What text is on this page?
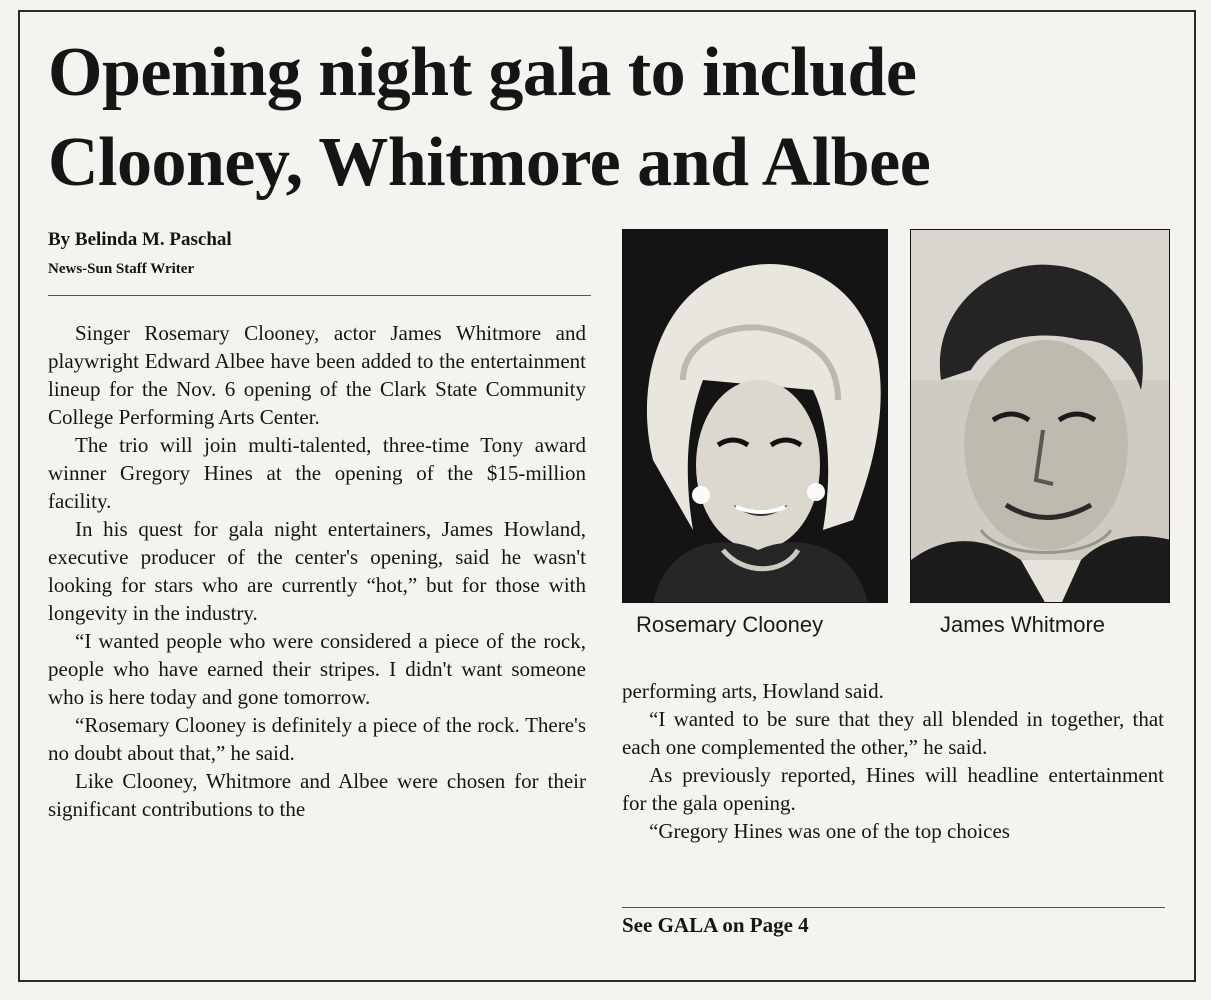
Opening night gala to include
Clooney, Whitmore and Albee
By Belinda M. Paschal
News-Sun Staff Writer

Singer Rosemary Clooney, actor James Whitmore and playwright Edward Albee have been added to the entertainment lineup for the Nov. 6 opening of the Clark State Community College Performing Arts Center.

The trio will join multi-talented, three-time Tony award winner Gregory Hines at the opening of the $15-million facility.

In his quest for gala night entertainers, James Howland, executive producer of the center's opening, said he wasn't looking for stars who are currently “hot,” but for those with longevity in the industry.

“I wanted people who were considered a piece of the rock, people who have earned their stripes. I didn't want someone who is here today and gone tomorrow.

“Rosemary Clooney is definitely a piece of the rock. There's no doubt about that,” he said.

Like Clooney, Whitmore and Albee were chosen for their significant contributions to the

Rosemary Clooney	James Whitmore

performing arts, Howland said.

“I wanted to be sure that they all blended in together, that each one complemented the other,” he said.

As previously reported, Hines will headline entertainment for the gala opening.

“Gregory Hines was one of the top choices

See GALA on Page 4
